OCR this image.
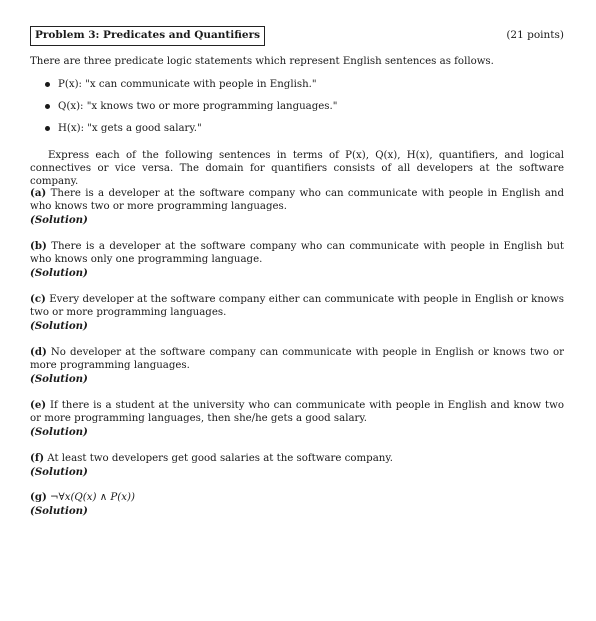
Problem 3: Predicates and Quantifiers	(21 points)
There are three predicate logic statements which represent English sentences as follows.
P(x): "x can communicate with people in English."
Q(x): "x knows two or more programming languages."
H(x): "x gets a good salary."
Express each of the following sentences in terms of P(x), Q(x), H(x), quantifiers, and logical connectives or vice versa. The domain for quantifiers consists of all developers at the software company.
(a) There is a developer at the software company who can communicate with people in English and who knows two or more programming languages.
(Solution)
(b) There is a developer at the software company who can communicate with people in English but who knows only one programming language.
(Solution)
(c) Every developer at the software company either can communicate with people in English or knows two or more programming languages.
(Solution)
(d) No developer at the software company can communicate with people in English or knows two or more programming languages.
(Solution)
(e) If there is a student at the university who can communicate with people in English and know two or more programming languages, then she/he gets a good salary.
(Solution)
(f) At least two developers get good salaries at the software company.
(Solution)
(g) ¬∀x(Q(x) ∧ P(x))
(Solution)
